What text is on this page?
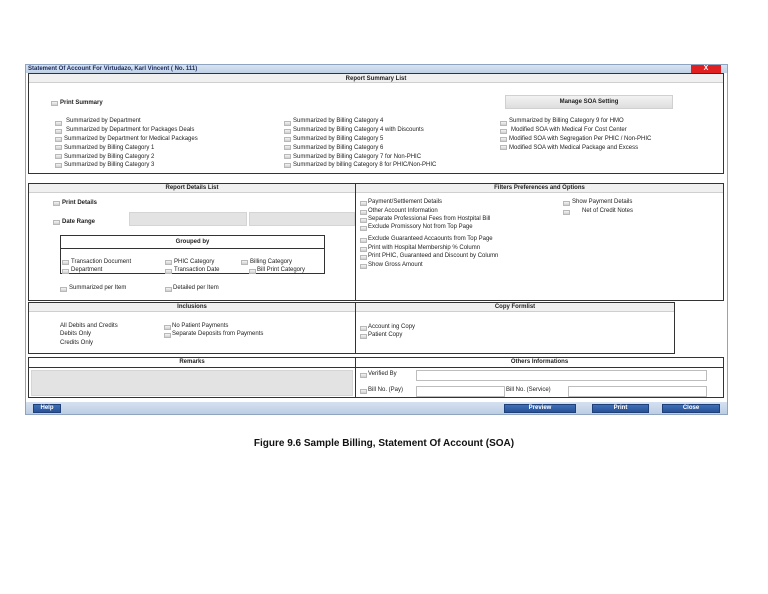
Statement Of Account For Virtudazo, Karl Vincent ( No. 111)	X
Report Summary List
Print Summary	Manage SOA Setting
Summarized by Department
Summarized by Department for Packages Deals
Summarized by Department for Medical Packages
Summarized by Billing Category 1
Summarized by Billing Category 2
Summarized by Billing Category 3
Summarized by Billing Category 4
Summarized by Billing Category 4 with Discounts
Summarized by Billing Category 5
Summarized by Billing Category 6
Summarized by Billing Category 7 for Non-PHIC
Summarized by billing Category 8 for PHIC/Non-PHIC
Summarized by Billing Category 9 for HMO
Modified SOA with Medical For Cost Center
Modified SOA with Segregation Per PHIC / Non-PHIC
Modified SOA with Medical Package and Excess
Report Details List
Print Details
Date Range
Grouped by
Transaction Document	PHIC Category	Billing Category
Department	Transaction Date	Bill Print Category
Summarized per Item	Detailed per Item
Filters Preferences and Options
Payment/Settlement Details
Other Account Information
Separate Professional Fees from Hostpital Bill
Exclude Promissory Not from Top Page
Exclude Guaranteed Accaounts from Top Page
Print with Hospital Membership % Column
Print PHIC, Guaranteed and Discount by Column
Show Gross Amount
Show Payment Details
Net of Credit Notes
Inclusions
All Debits and Credits
Debits Only
Credits Only
No Patient Payments
Separate Deposits from Payments
Copy Formlist
Account ing Copy
Patient Copy
Remarks	Others Informations
Verified By
Bill No. (Pay)	Bill No. (Service)
Help	Preview	Print	Close
Figure 9.6 Sample Billing, Statement Of Account (SOA)
